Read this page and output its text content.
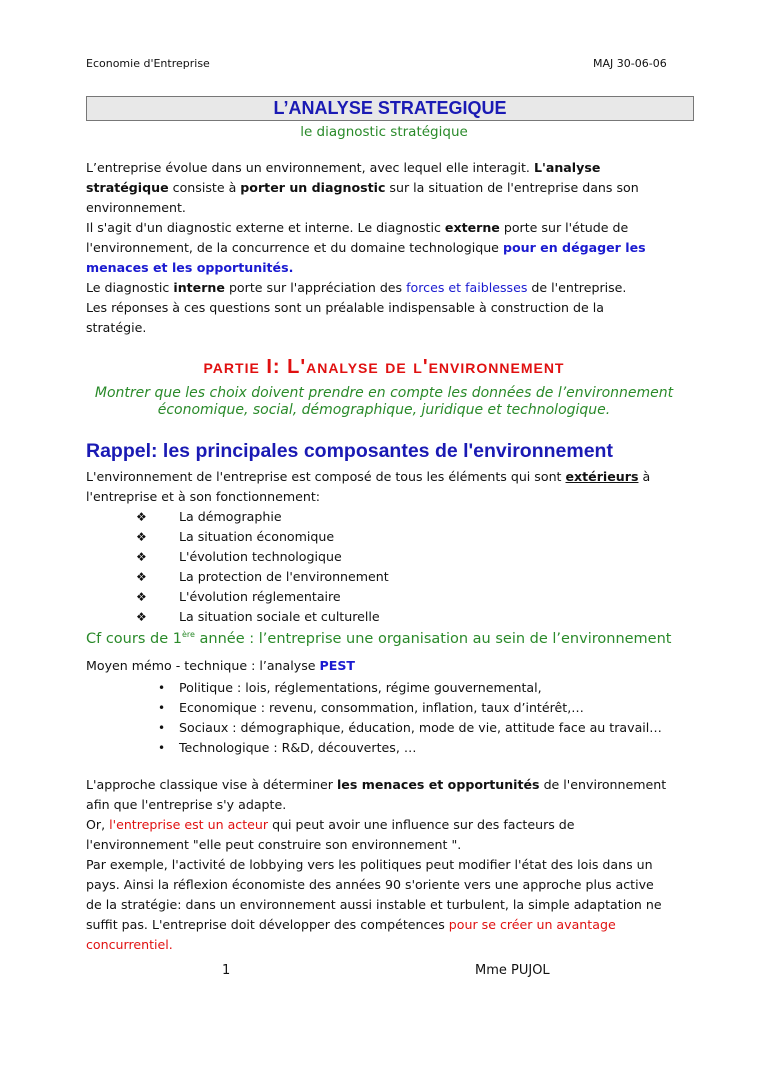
Economie d'Entreprise	MAJ 30-06-06
L’ANALYSE STRATEGIQUE
le diagnostic stratégique
L’entreprise évolue dans un environnement, avec lequel elle interagit. L'analyse
stratégique consiste à porter un diagnostic sur la situation de l'entreprise dans son
environnement.
Il s'agit d'un diagnostic externe et interne. Le diagnostic externe porte sur l'étude de
l'environnement, de la concurrence et du domaine technologique pour en dégager les
menaces et les opportunités.
Le diagnostic interne porte sur l'appréciation des forces et faiblesses de l'entreprise.
Les réponses à ces questions sont un préalable indispensable à construction de la
stratégie.
partie I: L'analyse de l'environnement
Montrer que les choix doivent prendre en compte les données de l’environnement
économique, social, démographique, juridique et technologique.
Rappel: les principales composantes de l'environnement
L'environnement de l'entreprise est composé de tous les éléments qui sont extérieurs à
l'entreprise et à son fonctionnement:
❖	La démographie
❖	La situation économique
❖	L'évolution technologique
❖	La protection de l'environnement
❖	L'évolution réglementaire
❖	La situation sociale et culturelle
Cf cours de 1ère année : l’entreprise une organisation au sein de l’environnement
Moyen mémo - technique : l’analyse PEST
• Politique : lois, réglementations, régime gouvernemental,
• Economique : revenu, consommation, inflation, taux d’intérêt,…
• Sociaux : démographique, éducation, mode de vie, attitude face au travail…
• Technologique : R&D, découvertes, …
L'approche classique vise à déterminer les menaces et opportunités de l'environnement
afin que l'entreprise s'y adapte.
Or, l'entreprise est un acteur qui peut avoir une influence sur des facteurs de
l'environnement "elle peut construire son environnement ".
Par exemple, l'activité de lobbying vers les politiques peut modifier l'état des lois dans un
pays. Ainsi la réflexion économiste des années 90 s'oriente vers une approche plus active
de la stratégie: dans un environnement aussi instable et turbulent, la simple adaptation ne
suffit pas. L'entreprise doit développer des compétences pour se créer un avantage
concurrentiel.
1	Mme PUJOL
